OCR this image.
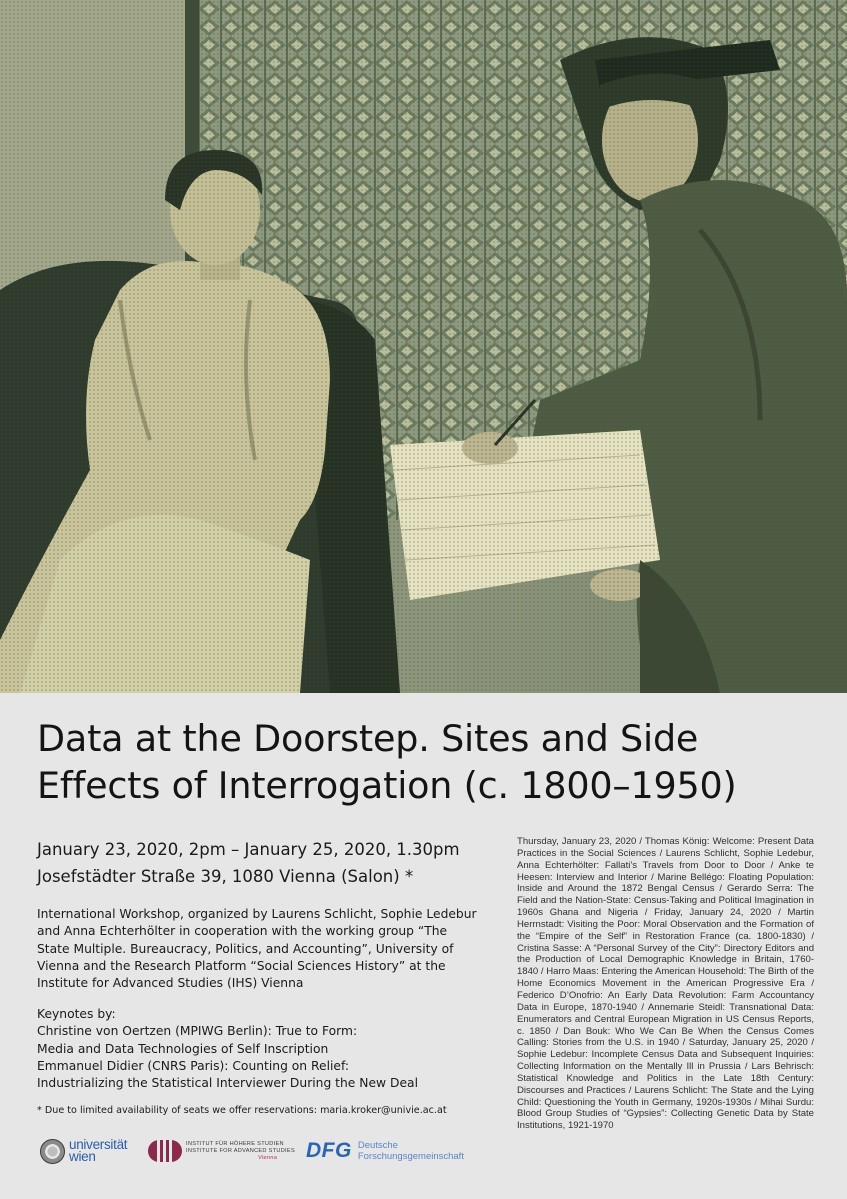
Data at the Doorstep. Sites and Side Effects of Interrogation (c. 1800–1950)
January 23, 2020, 2pm – January 25, 2020, 1.30pm
Josefstädter Straße 39, 1080 Vienna (Salon) *

International Workshop, organized by Laurens Schlicht, Sophie Ledebur and Anna Echterhölter in cooperation with the working group “The State Multiple. Bureaucracy, Politics, and Accounting”, University of Vienna and the Research Platform “Social Sciences History” at the Institute for Advanced Studies (IHS) Vienna

Keynotes by:
Christine von Oertzen (MPIWG Berlin): True to Form:
Media and Data Technologies of Self Inscription
Emmanuel Didier (CNRS Paris): Counting on Relief:
Industrializing the Statistical Interviewer During the New Deal

* Due to limited availability of seats we offer reservations: maria.kroker@univie.ac.at

Thursday, January 23, 2020 / Thomas König: Welcome: Present Data Practices in the Social Sciences / Laurens Schlicht, Sophie Ledebur, Anna Echterhölter: Fallati’s Travels from Door to Door / Anke te Heesen: Interview and Interior / Marine Bellégo: Floating Population: Inside and Around the 1872 Bengal Census / Gerardo Serra: The Field and the Nation-State: Census-Taking and Political Imagination in 1960s Ghana and Nigeria / Friday, January 24, 2020 / Martin Herrnstadt: Visiting the Poor: Moral Observation and the Formation of the “Empire of the Self” in Restoration France (ca. 1800-1830) / Cristina Sasse: A “Personal Survey of the City”: Directory Editors and the Production of Local Demographic Knowledge in Britain, 1760-1840 / Harro Maas: Entering the American Household: The Birth of the Home Economics Movement in the American Progressive Era / Federico D’Onofrio: An Early Data Revolution: Farm Accountancy Data in Europe, 1870-1940 / Annemarie Steidl: Transnational Data: Enumerators and Central European Migration in US Census Reports, c. 1850 / Dan Bouk: Who We Can Be When the Census Comes Calling: Stories from the U.S. in 1940 / Saturday, January 25, 2020 / Sophie Ledebur: Incomplete Census Data and Subsequent Inquiries: Collecting Information on the Mentally Ill in Prussia / Lars Behrisch: Statistical Knowledge and Politics in the Late 18th Century: Discourses and Practices / Laurens Schlicht: The State and the Lying Child: Questioning the Youth in Germany, 1920s-1930s / Mihai Surdu: Blood Group Studies of “Gypsies”: Collecting Genetic Data by State Institutions, 1921-1970

universität
wien
INSTITUT FÜR HÖHERE STUDIEN
INSTITUTE FOR ADVANCED STUDIES
Vienna	DFG Deutsche
Forschungsgemeinschaft
